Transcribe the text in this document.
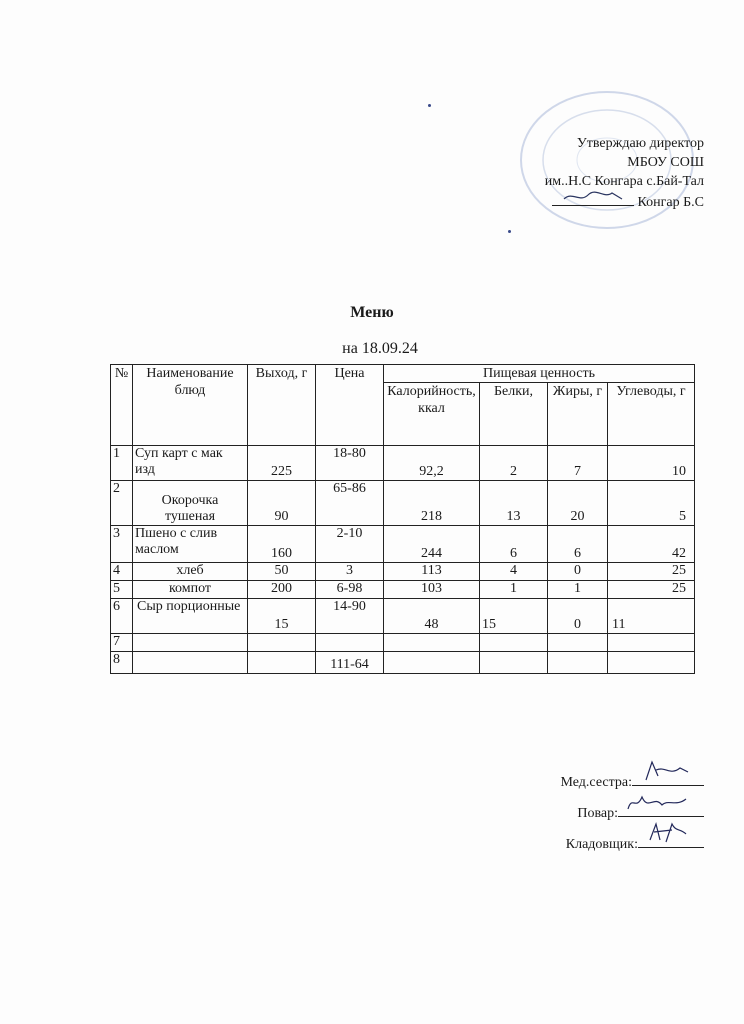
Утверждаю директор
МБОУ СОШ
им..Н.С Конгара с.Бай-Тал
Конгар Б.С
Меню
на 18.09.24
№	Наименование блюд	Выход, г	Цена	Пищевая ценность			
				Калорийность, ккал	Белки,	Жиры, г	Углеводы, г
1	Суп карт с мак изд	225	18-80	92,2	2	7	10
2	Окорочка тушеная	90	65-86	218	13	20	5
3	Пшено с слив маслом	160	2-10	244	6	6	42
4	хлеб	50	3	113	4	0	25
5	компот	200	6-98	103	1	1	25
6	Сыр порционные	15	14-90	48	15	0	11
7							
8			111-64				
Мед.сестра:
Повар:
Кладовщик:
